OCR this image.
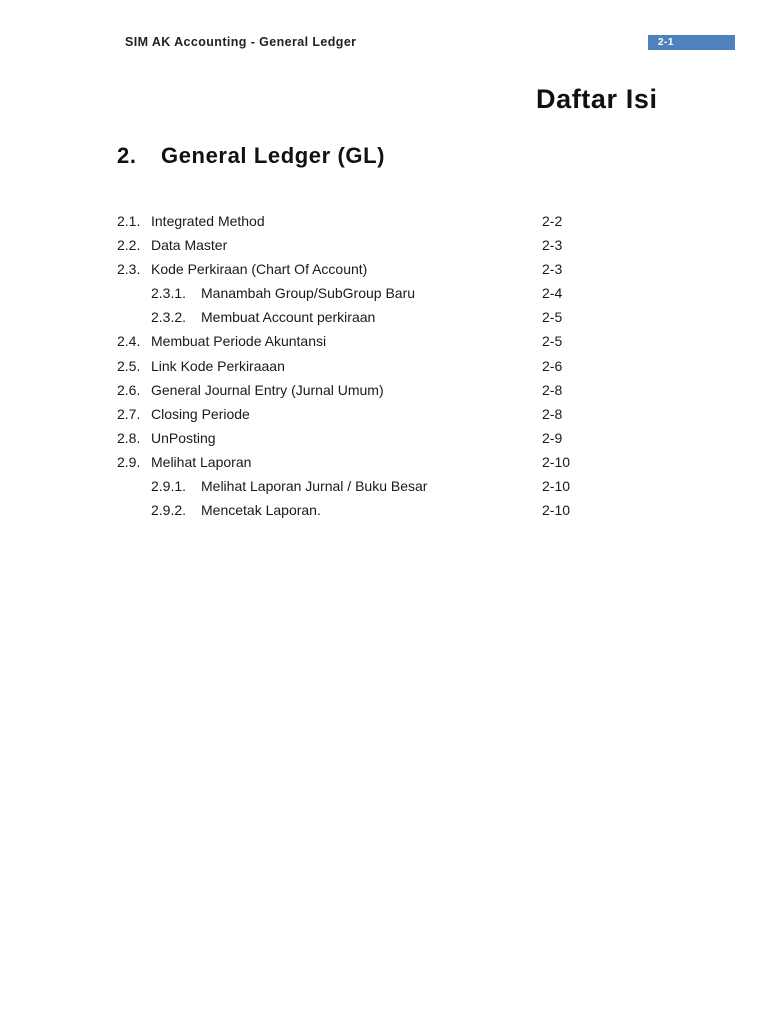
SIM AK Accounting - General Ledger	2-1
Daftar Isi
2. General Ledger (GL)
2.1. Integrated Method	2-2
2.2. Data Master	2-3
2.3. Kode Perkiraan (Chart Of Account)	2-3
2.3.1. Manambah Group/SubGroup Baru	2-4
2.3.2. Membuat Account perkiraan	2-5
2.4. Membuat Periode Akuntansi	2-5
2.5. Link Kode Perkiraaan	2-6
2.6. General Journal Entry (Jurnal Umum)	2-8
2.7. Closing Periode	2-8
2.8. UnPosting	2-9
2.9. Melihat Laporan	2-10
2.9.1. Melihat Laporan Jurnal / Buku Besar	2-10
2.9.2. Mencetak Laporan.	2-10
